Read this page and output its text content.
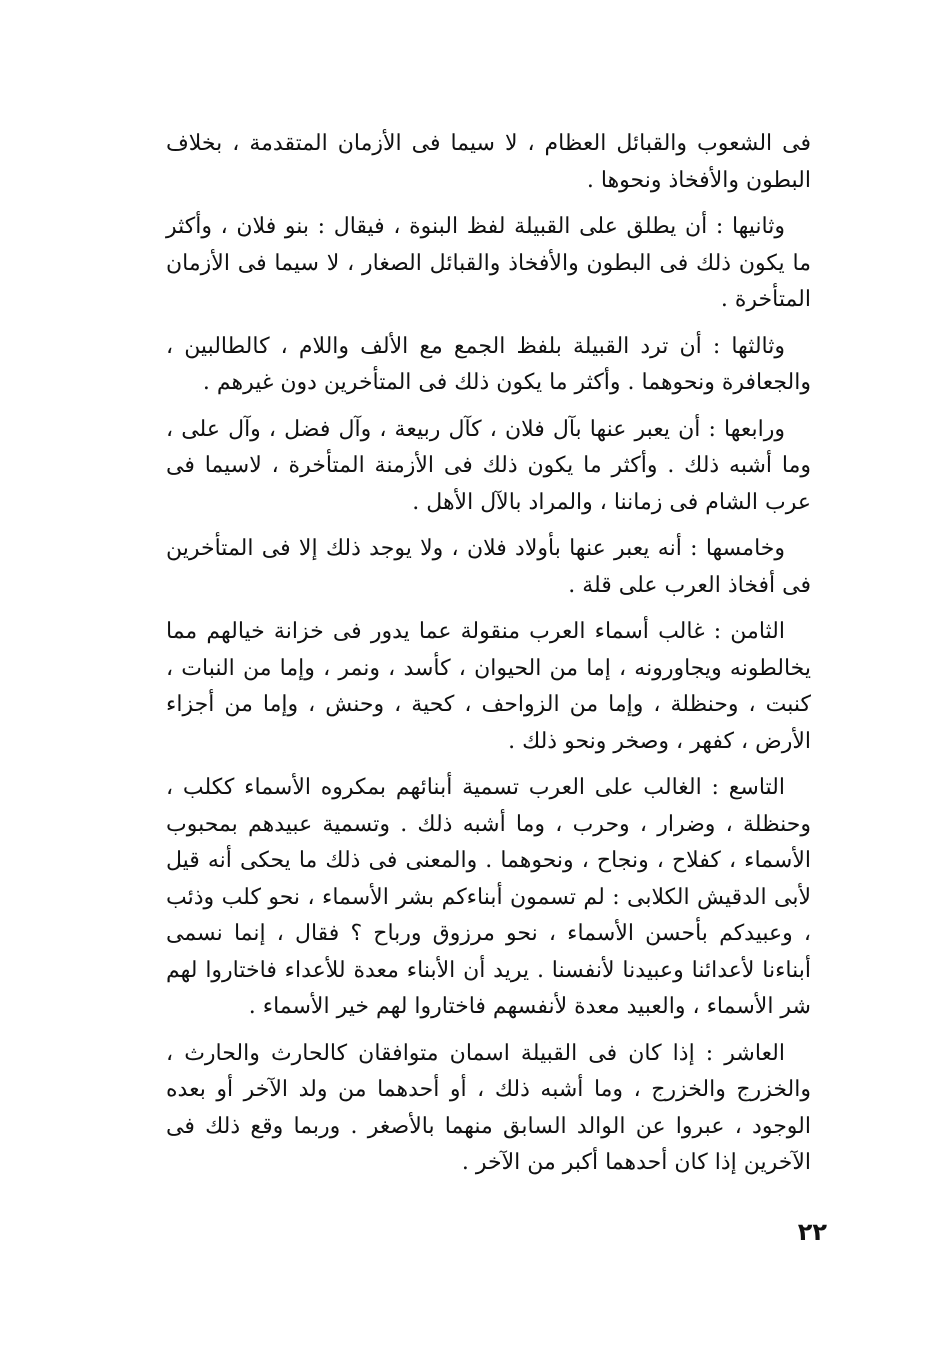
فى الشعوب والقبائل العظام ، لا سيما فى الأزمان المتقدمة ، بخلاف البطون والأفخاذ ونحوها .

وثانيها : أن يطلق على القبيلة لفظ البنوة ، فيقال : بنو فلان ، وأكثر ما يكون ذلك فى البطون والأفخاذ والقبائل الصغار ، لا سيما فى الأزمان المتأخرة .

وثالثها : أن ترد القبيلة بلفظ الجمع مع الألف واللام ، كالطالبين ، والجعافرة ونحوهما . وأكثر ما يكون ذلك فى المتأخرين دون غيرهم .

ورابعها : أن يعبر عنها بآل فلان ، كآل ربيعة ، وآل فضل ، وآل على ، وما أشبه ذلك . وأكثر ما يكون ذلك فى الأزمنة المتأخرة ، لاسيما فى عرب الشام فى زماننا ، والمراد بالآل الأهل .

وخامسها : أنه يعبر عنها بأولاد فلان ، ولا يوجد ذلك إلا فى المتأخرين فى أفخاذ العرب على قلة .

الثامن : غالب أسماء العرب منقولة عما يدور فى خزانة خيالهم مما يخالطونه ويجاورونه ، إما من الحيوان ، كأسد ، ونمر ، وإما من النبات ، كنبت ، وحنظلة ، وإما من الزواحف ، كحية ، وحنش ، وإما من أجزاء الأرض ، كفهر ، وصخر ونحو ذلك .

التاسع : الغالب على العرب تسمية أبنائهم بمكروه الأسماء ككلب ، وحنظلة ، وضرار ، وحرب ، وما أشبه ذلك . وتسمية عبيدهم بمحبوب الأسماء ، كفلاح ، ونجاح ، ونحوهما . والمعنى فى ذلك ما يحكى أنه قيل لأبى الدقيش الكلابى : لم تسمون أبناءكم بشر الأسماء ، نحو كلب وذئب ، وعبيدكم بأحسن الأسماء ، نحو مرزوق ورباح ؟ فقال ، إنما نسمى أبناءنا لأعدائنا وعبيدنا لأنفسنا . يريد أن الأبناء معدة للأعداء فاختاروا لهم شر الأسماء ، والعبيد معدة لأنفسهم فاختاروا لهم خير الأسماء .

العاشر : إذا كان فى القبيلة اسمان متوافقان كالحارث والحارث ، والخزرج والخزرج ، وما أشبه ذلك ، أو أحدهما من ولد الآخر أو بعده الوجود ، عبروا عن الوالد السابق منهما بالأصغر . وربما وقع ذلك فى الآخرين إذا كان أحدهما أكبر من الآخر .

٢٢
